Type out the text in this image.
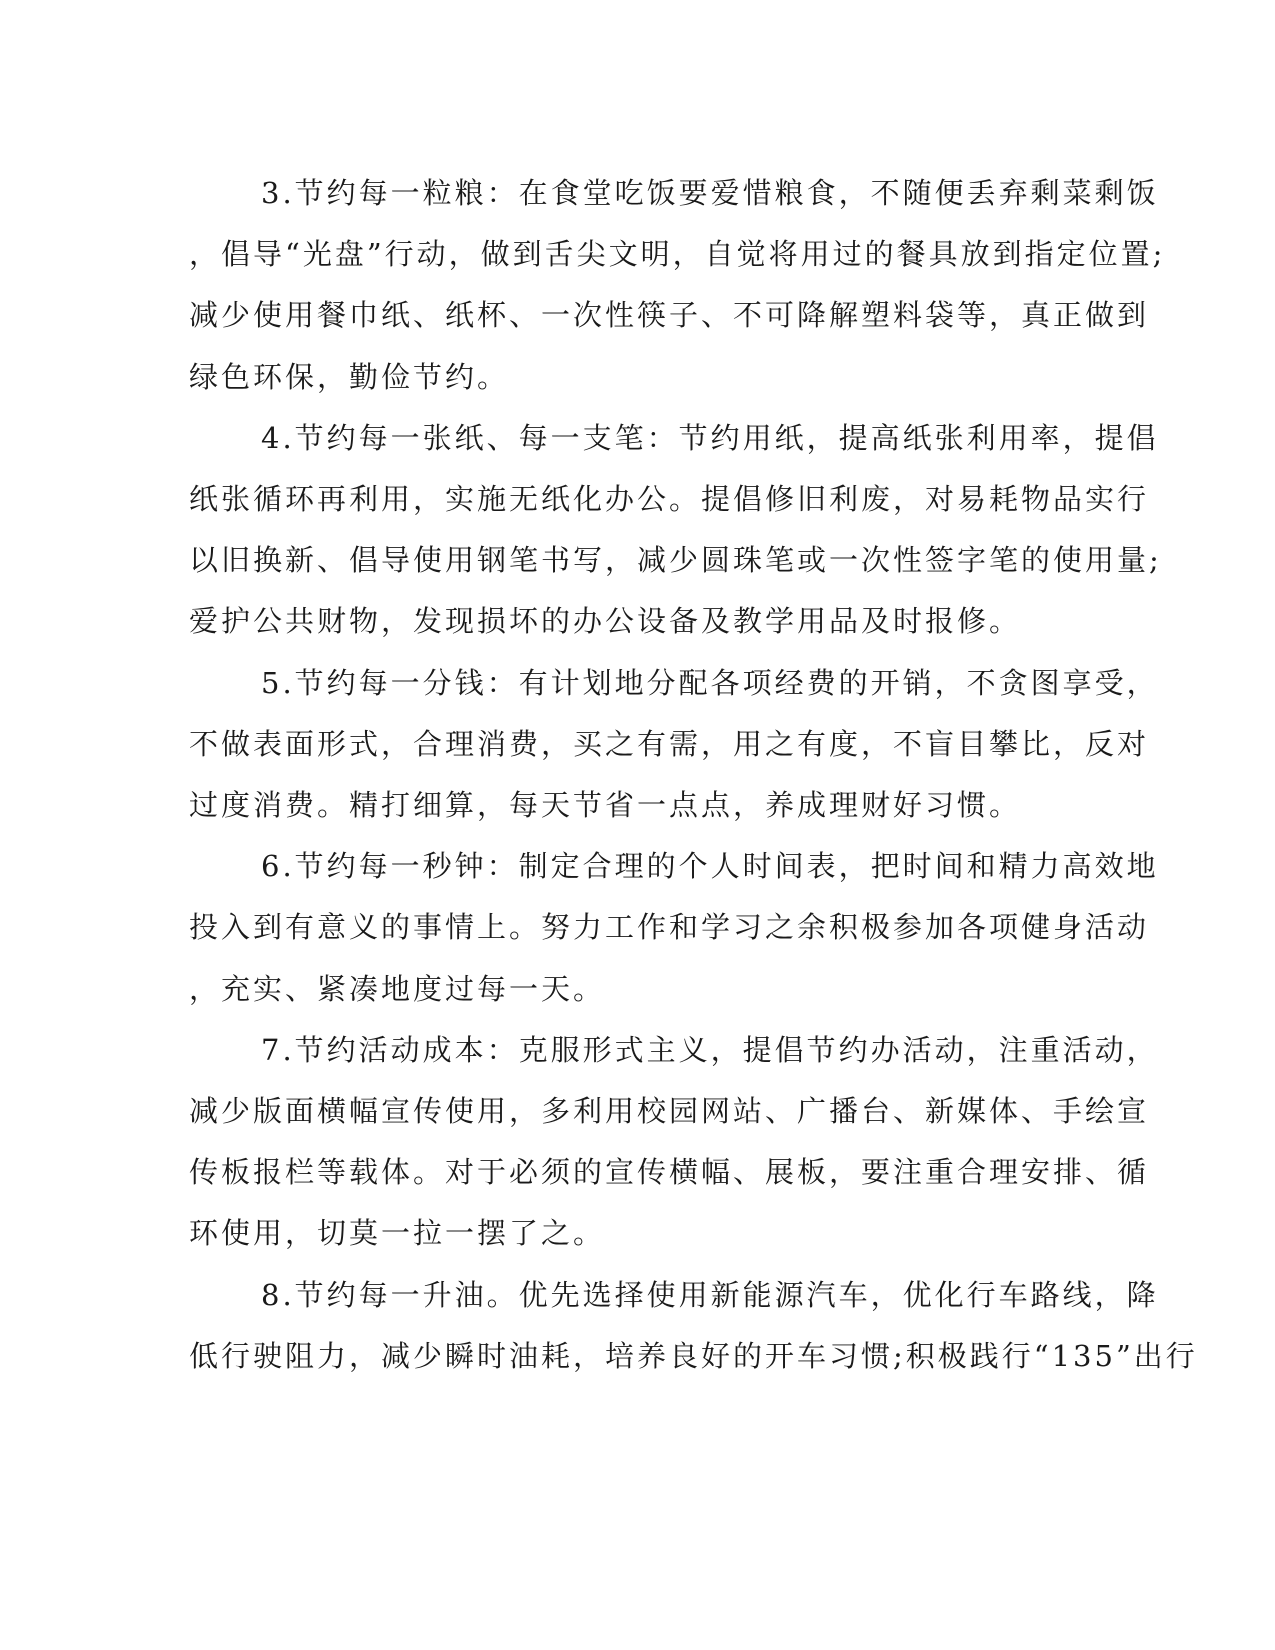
3.节约每一粒粮：在食堂吃饭要爱惜粮食，不随便丢弃剩菜剩饭
，倡导“光盘”行动，做到舌尖文明，自觉将用过的餐具放到指定位置;
减少使用餐巾纸、纸杯、一次性筷子、不可降解塑料袋等，真正做到
绿色环保，勤俭节约。

4.节约每一张纸、每一支笔：节约用纸，提高纸张利用率，提倡
纸张循环再利用，实施无纸化办公。提倡修旧利废，对易耗物品实行
以旧换新、倡导使用钢笔书写，减少圆珠笔或一次性签字笔的使用量;
爱护公共财物，发现损坏的办公设备及教学用品及时报修。

5.节约每一分钱：有计划地分配各项经费的开销，不贪图享受，
不做表面形式，合理消费，买之有需，用之有度，不盲目攀比，反对
过度消费。精打细算，每天节省一点点，养成理财好习惯。

6.节约每一秒钟：制定合理的个人时间表，把时间和精力高效地
投入到有意义的事情上。努力工作和学习之余积极参加各项健身活动
，充实、紧凑地度过每一天。

7.节约活动成本：克服形式主义，提倡节约办活动，注重活动，
减少版面横幅宣传使用，多利用校园网站、广播台、新媒体、手绘宣
传板报栏等载体。对于必须的宣传横幅、展板，要注重合理安排、循
环使用，切莫一拉一摆了之。

8.节约每一升油。优先选择使用新能源汽车，优化行车路线，降
低行驶阻力，减少瞬时油耗，培养良好的开车习惯;积极践行“135”出行
